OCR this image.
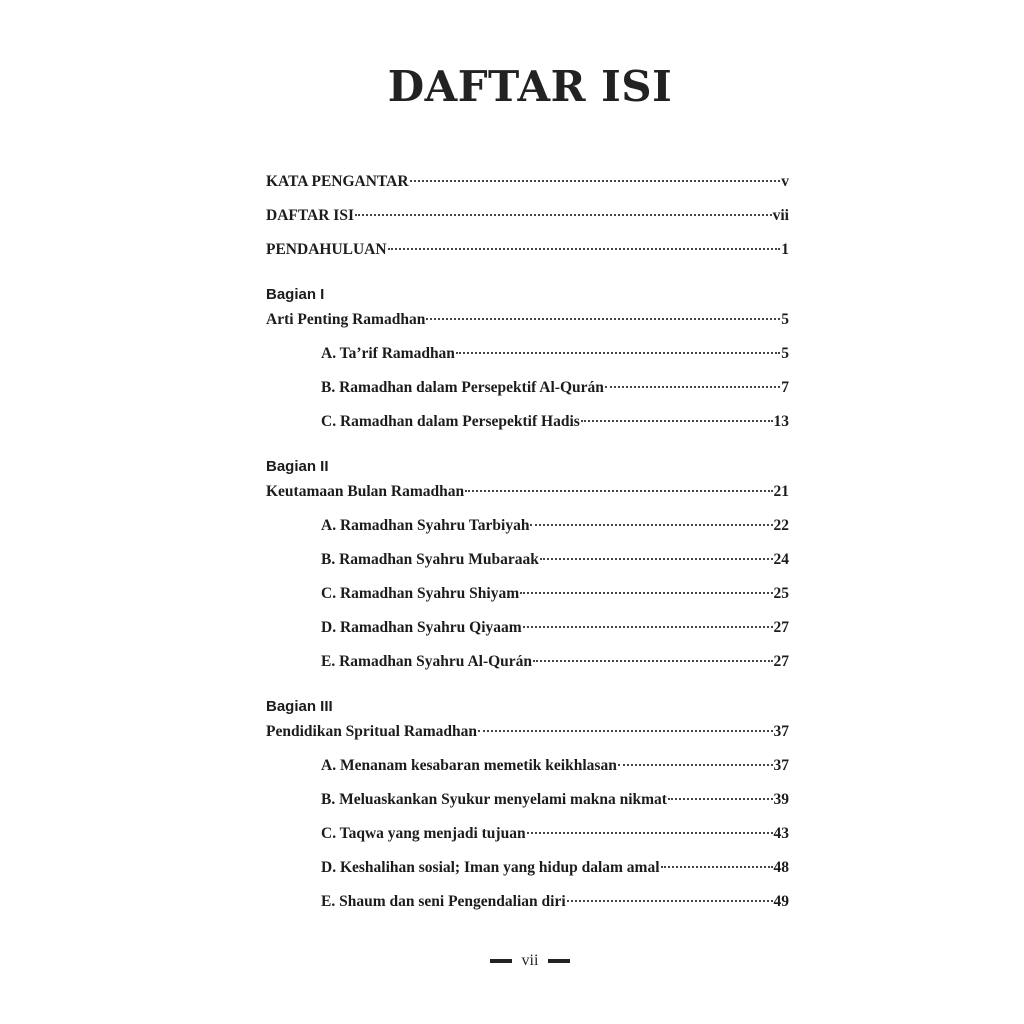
DAFTAR ISI
KATA PENGANTAR	v
DAFTAR ISI	vii
PENDAHULUAN	1
Bagian I
Arti Penting Ramadhan	5
A. Ta’rif Ramadhan	5
B. Ramadhan dalam Persepektif Al-Qurán	7
C. Ramadhan dalam Persepektif Hadis	13
Bagian II
Keutamaan Bulan Ramadhan	21
A. Ramadhan Syahru Tarbiyah	22
B. Ramadhan Syahru Mubaraak	24
C. Ramadhan Syahru Shiyam	25
D. Ramadhan Syahru Qiyaam	27
E. Ramadhan Syahru Al-Qurán	27
Bagian III
Pendidikan Spritual Ramadhan	37
A. Menanam kesabaran memetik keikhlasan	37
B. Meluaskankan Syukur menyelami makna nikmat	39
C. Taqwa yang menjadi tujuan	43
D. Keshalihan sosial; Iman yang hidup dalam amal	48
E. Shaum dan seni Pengendalian diri	49
vii
